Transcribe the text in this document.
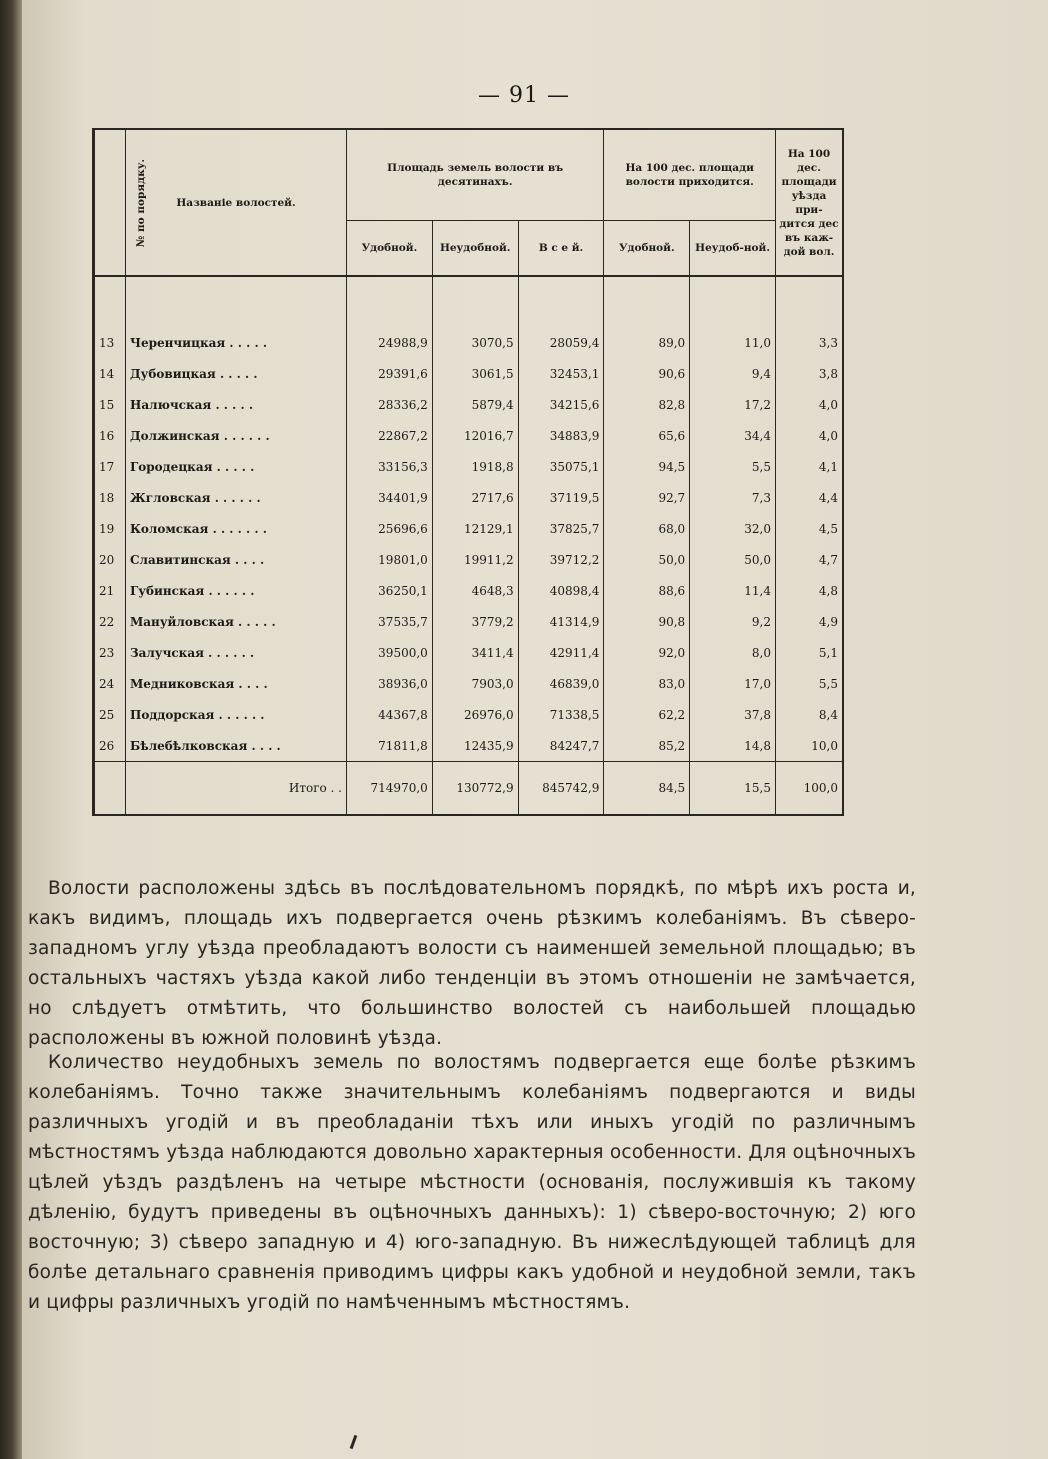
— 91 —
№ по порядку.	Названіе волостей.	Площадь земель волости въ десятинахъ.			На 100 дес. площади волости приходится.		На 100 дес. площади уѣзда при-дится дес въ каж-дой вол.
		Удобной.	Неудобной.	В с е й.	Удобной.	Неудоб-ной.	

13	Черенчицкая . . . . .	24988,9	3070,5	28059,4	89,0	11,0	3,3
14	Дубовицкая . . . . .	29391,6	3061,5	32453,1	90,6	9,4	3,8
15	Налючская . . . . .	28336,2	5879,4	34215,6	82,8	17,2	4,0
16	Должинская . . . . . .	22867,2	12016,7	34883,9	65,6	34,4	4,0
17	Городецкая . . . . .	33156,3	1918,8	35075,1	94,5	5,5	4,1
18	Жгловская . . . . . .	34401,9	2717,6	37119,5	92,7	7,3	4,4
19	Коломская . . . . . . .	25696,6	12129,1	37825,7	68,0	32,0	4,5
20	Славитинская . . . .	19801,0	19911,2	39712,2	50,0	50,0	4,7
21	Губинская . . . . . .	36250,1	4648,3	40898,4	88,6	11,4	4,8
22	Мануйловская . . . . .	37535,7	3779,2	41314,9	90,8	9,2	4,9
23	Залучская . . . . . .	39500,0	3411,4	42911,4	92,0	8,0	5,1
24	Медниковская . . . .	38936,0	7903,0	46839,0	83,0	17,0	5,5
25	Поддорская . . . . . .	44367,8	26976,0	71338,5	62,2	37,8	8,4
26	Бѣлебѣлковская . . . .	71811,8	12435,9	84247,7	85,2	14,8	10,0
	Итого . .	714970,0	130772,9	845742,9	84,5	15,5	100,0
Волости расположены здѣсь въ послѣдовательномъ порядкѣ, по мѣрѣ ихъ роста и, какъ видимъ, площадь ихъ подвергается очень рѣзкимъ колебаніямъ. Въ сѣверо-западномъ углу уѣзда преобладаютъ волости съ наименшей земельной площадью; въ остальныхъ частяхъ уѣзда какой либо тенденціи въ этомъ отношеніи не замѣчается, но слѣдуетъ отмѣтить, что большинство волостей съ наибольшей площадью расположены въ южной половинѣ уѣзда.
Количество неудобныхъ земель по волостямъ подвергается еще болѣе рѣзкимъ колебаніямъ. Точно также значительнымъ колебаніямъ подвергаются и виды различныхъ угодій и въ преобладаніи тѣхъ или иныхъ угодій по различнымъ мѣстностямъ уѣзда наблюдаются довольно характерныя особенности. Для оцѣночныхъ цѣлей уѣздъ раздѣленъ на четыре мѣстности (основанія, послужившія къ такому дѣленію, будутъ приведены въ оцѣночныхъ данныхъ): 1) сѣверо-восточную; 2) юго восточную; 3) сѣверо западную и 4) юго-западную. Въ нижеслѣдующей таблицѣ для болѣе детальнаго сравненія приводимъ цифры какъ удобной и неудобной земли, такъ и цифры различныхъ угодій по намѣченнымъ мѣстностямъ.
